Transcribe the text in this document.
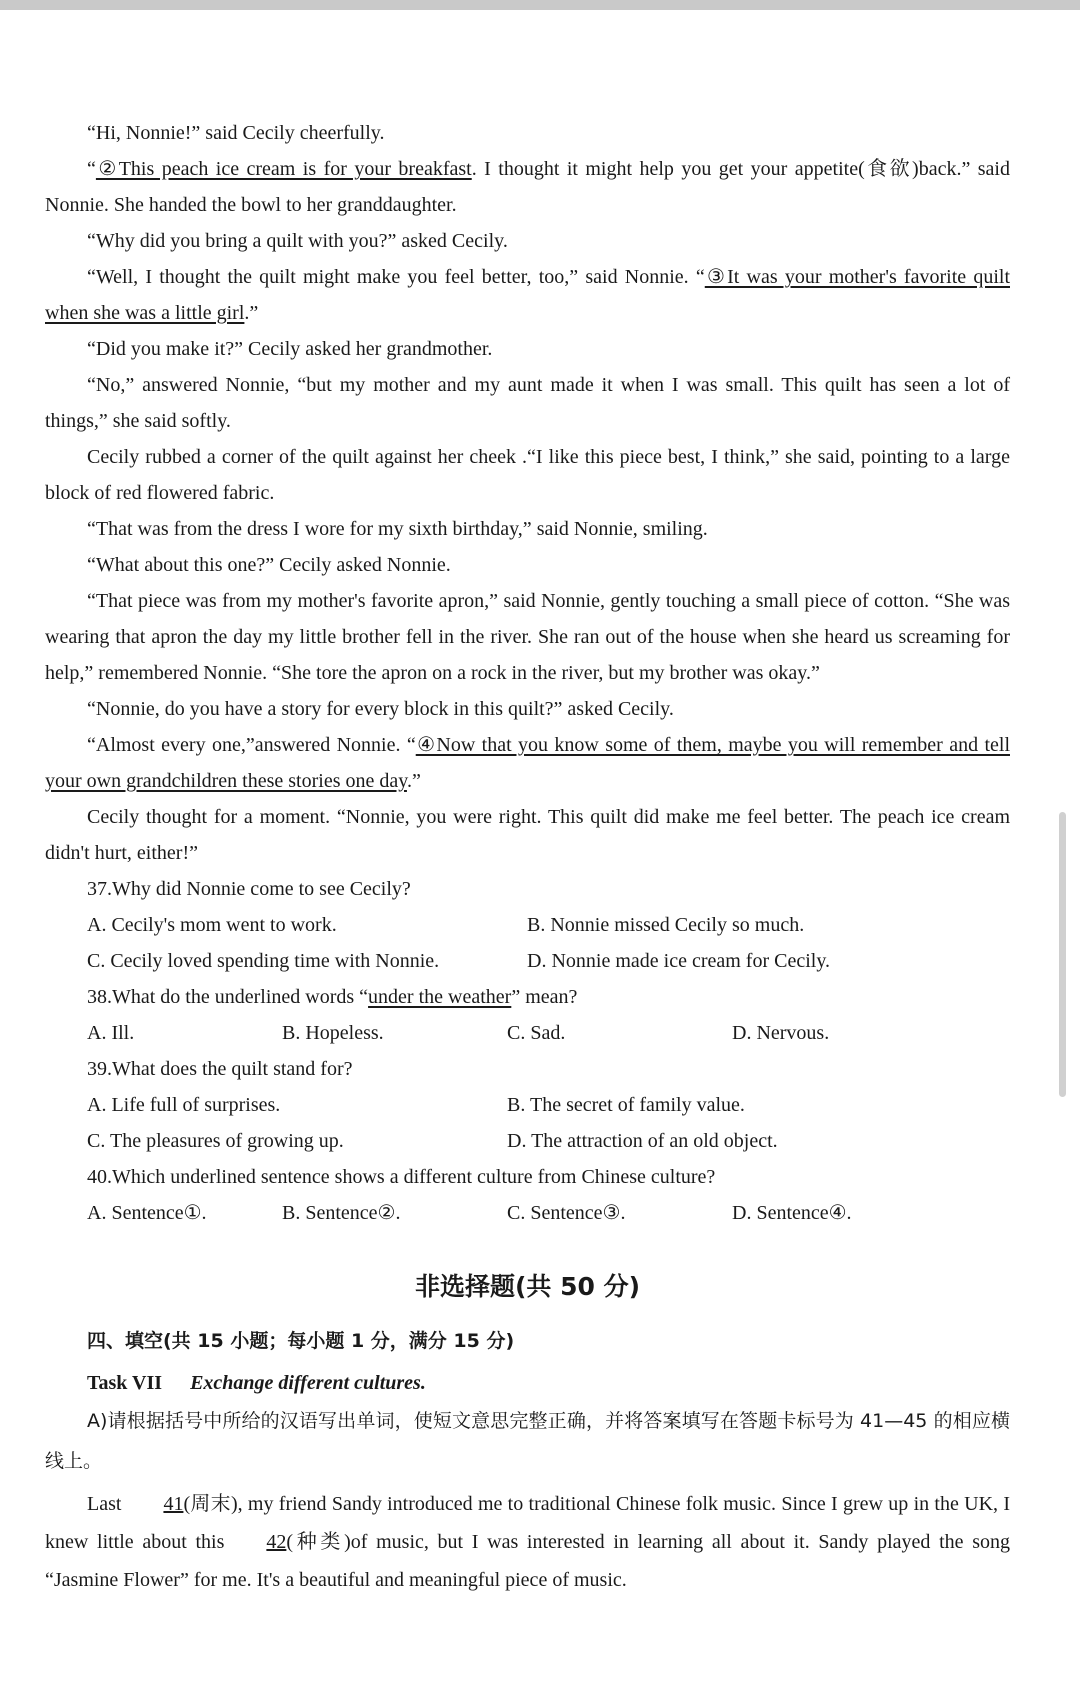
“Hi, Nonnie!” said Cecily cheerfully.

“②This peach ice cream is for your breakfast. I thought it might help you get your appetite(食欲)back.” said Nonnie. She handed the bowl to her granddaughter.

“Why did you bring a quilt with you?” asked Cecily.

“Well, I thought the quilt might make you feel better, too,” said Nonnie. “③It was your mother's favorite quilt when she was a little girl.”

“Did you make it?” Cecily asked her grandmother.

“No,” answered Nonnie, “but my mother and my aunt made it when I was small. This quilt has seen a lot of things,” she said softly.

Cecily rubbed a corner of the quilt against her cheek .“I like this piece best, I think,” she said, pointing to a large block of red flowered fabric.

“That was from the dress I wore for my sixth birthday,” said Nonnie, smiling.

“What about this one?” Cecily asked Nonnie.

“That piece was from my mother's favorite apron,” said Nonnie, gently touching a small piece of cotton. “She was wearing that apron the day my little brother fell in the river. She ran out of the house when she heard us screaming for help,” remembered Nonnie. “She tore the apron on a rock in the river, but my brother was okay.”

“Nonnie, do you have a story for every block in this quilt?” asked Cecily.

“Almost every one,”answered Nonnie. “④Now that you know some of them, maybe you will remember and tell your own grandchildren these stories one day.”

Cecily thought for a moment. “Nonnie, you were right. This quilt did make me feel better. The peach ice cream didn't hurt, either!”

37.Why did Nonnie come to see Cecily?

A. Cecily's mom went to work.	B. Nonnie missed Cecily so much.
C. Cecily loved spending time with Nonnie.	D. Nonnie made ice cream for Cecily.

38.What do the underlined words “under the weather” mean?

A. Ill.	B. Hopeless.	C. Sad.	D. Nervous.

39.What does the quilt stand for?

A. Life full of surprises.	B. The secret of family value.
C. The pleasures of growing up.	D. The attraction of an old object.

40.Which underlined sentence shows a different culture from Chinese culture?

A. Sentence①.	B. Sentence②.	C. Sentence③.	D. Sentence④.
非选择题(共 50 分)
四、填空(共 15 小题；每小题 1 分，满分 15 分)
Task VII Exchange different cultures.

A)请根据括号中所给的汉语写出单词，使短文意思完整正确，并将答案填写在答题卡标号为 41—45 的相应横线上。

Last 41(周末), my friend Sandy introduced me to traditional Chinese folk music. Since I grew up in the UK, I knew little about this 42(种类)of music, but I was interested in learning all about it. Sandy played the song “Jasmine Flower” for me. It's a beautiful and meaningful piece of music.
